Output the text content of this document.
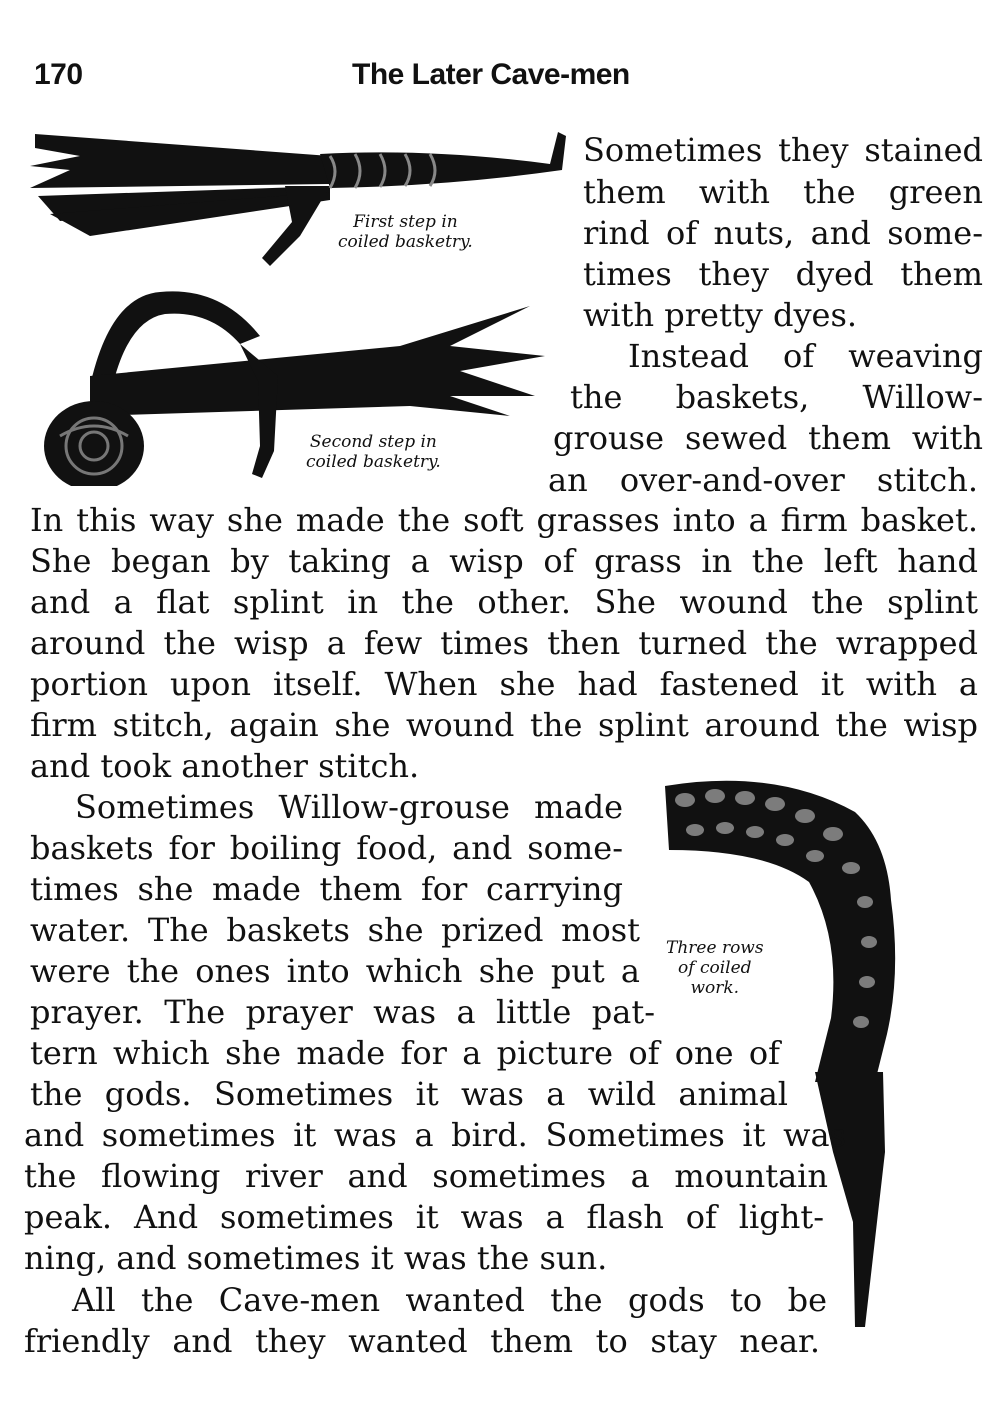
170	The Later Cave-men
First step in
coiled basketry.
Second step in
coiled basketry.
Three rows
of coiled
work.
Sometimes they stained
them with the green
rind of nuts, and some-
times they dyed them
with pretty dyes.
Instead of weaving
the baskets, Willow-
grouse sewed them with
an over-and-over stitch.
In this way she made the soft grasses into a firm basket.
She began by taking a wisp of grass in the left hand
and a flat splint in the other. She wound the splint
around the wisp a few times then turned the wrapped
portion upon itself. When she had fastened it with a
firm stitch, again she wound the splint around the wisp
and took another stitch.
Sometimes Willow-grouse made
baskets for boiling food, and some-
times she made them for carrying
water. The baskets she prized most
were the ones into which she put a
prayer. The prayer was a little pat-
tern which she made for a picture of one of
the gods. Sometimes it was a wild animal
and sometimes it was a bird. Sometimes it was
the flowing river and sometimes a mountain
peak. And sometimes it was a flash of light-
ning, and sometimes it was the sun.
All the Cave-men wanted the gods to be
friendly and they wanted them to stay near.
